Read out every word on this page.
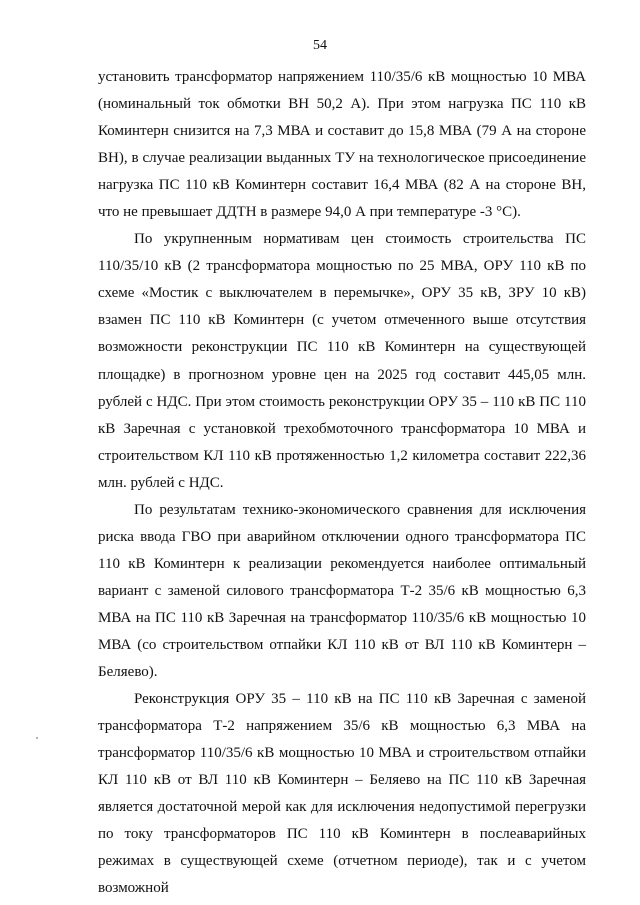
54

установить трансформатор напряжением 110/35/6 кВ мощностью 10 МВА (номинальный ток обмотки ВН 50,2 А). При этом нагрузка ПС 110 кВ Коминтерн снизится на 7,3 МВА и составит до 15,8 МВА (79 А на стороне ВН), в случае реализации выданных ТУ на технологическое присоединение нагрузка ПС 110 кВ Коминтерн составит 16,4 МВА (82 А на стороне ВН, что не превышает ДДТН в размере 94,0 А при температуре -3 °С).

По укрупненным нормативам цен стоимость строительства ПС 110/35/10 кВ (2 трансформатора мощностью по 25 МВА, ОРУ 110 кВ по схеме «Мостик с выключателем в перемычке», ОРУ 35 кВ, ЗРУ 10 кВ) взамен ПС 110 кВ Коминтерн (с учетом отмеченного выше отсутствия возможности реконструкции ПС 110 кВ Коминтерн на существующей площадке) в прогнозном уровне цен на 2025 год составит 445,05 млн. рублей с НДС. При этом стоимость реконструкции ОРУ 35 – 110 кВ ПС 110 кВ Заречная с установкой трехобмоточного трансформатора 10 МВА и строительством КЛ 110 кВ протяженностью 1,2 километра составит 222,36 млн. рублей с НДС.

По результатам технико-экономического сравнения для исключения риска ввода ГВО при аварийном отключении одного трансформатора ПС 110 кВ Коминтерн к реализации рекомендуется наиболее оптимальный вариант с заменой силового трансформатора Т-2 35/6 кВ мощностью 6,3 МВА на ПС 110 кВ Заречная на трансформатор 110/35/6 кВ мощностью 10 МВА (со строительством отпайки КЛ 110 кВ от ВЛ 110 кВ Коминтерн – Беляево).

Реконструкция ОРУ 35 – 110 кВ на ПС 110 кВ Заречная с заменой трансформатора Т-2 напряжением 35/6 кВ мощностью 6,3 МВА на трансформатор 110/35/6 кВ мощностью 10 МВА и строительством отпайки КЛ 110 кВ от ВЛ 110 кВ Коминтерн – Беляево на ПС 110 кВ Заречная является достаточной мерой как для исключения недопустимой перегрузки по току трансформаторов ПС 110 кВ Коминтерн в послеаварийных режимах в существующей схеме (отчетном периоде), так и с учетом возможной
